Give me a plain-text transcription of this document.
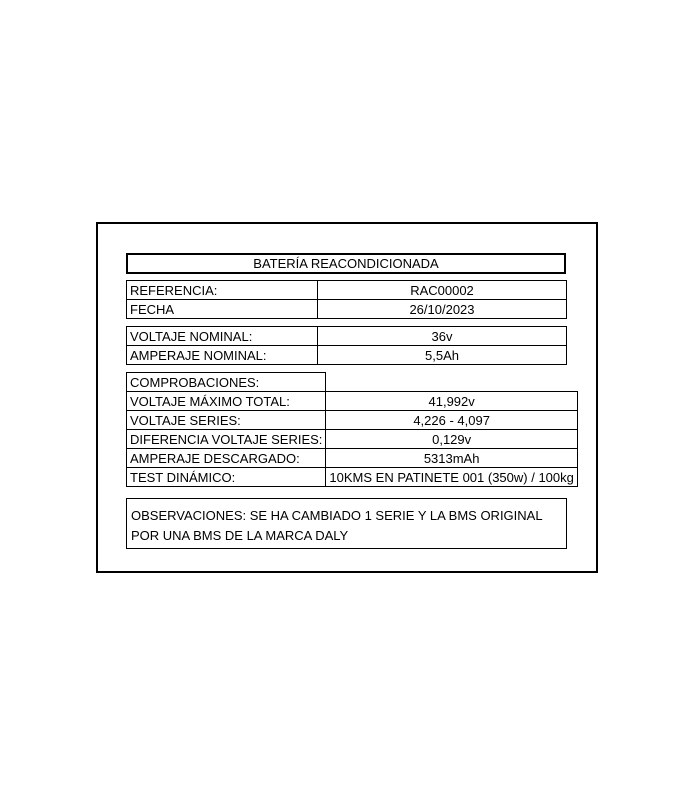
BATERÍA REACONDICIONADA
REFERENCIA:	RAC00002
FECHA	26/10/2023
VOLTAJE NOMINAL:	36v
AMPERAJE NOMINAL:	5,5Ah
COMPROBACIONES:	
VOLTAJE MÁXIMO TOTAL:	41,992v
VOLTAJE SERIES:	4,226 - 4,097
DIFERENCIA VOLTAJE SERIES:	0,129v
AMPERAJE DESCARGADO:	5313mAh
TEST DINÁMICO:	10KMS EN PATINETE 001 (350w) / 100kg
OBSERVACIONES: SE HA CAMBIADO 1 SERIE Y LA BMS ORIGINAL POR UNA BMS DE LA MARCA DALY
